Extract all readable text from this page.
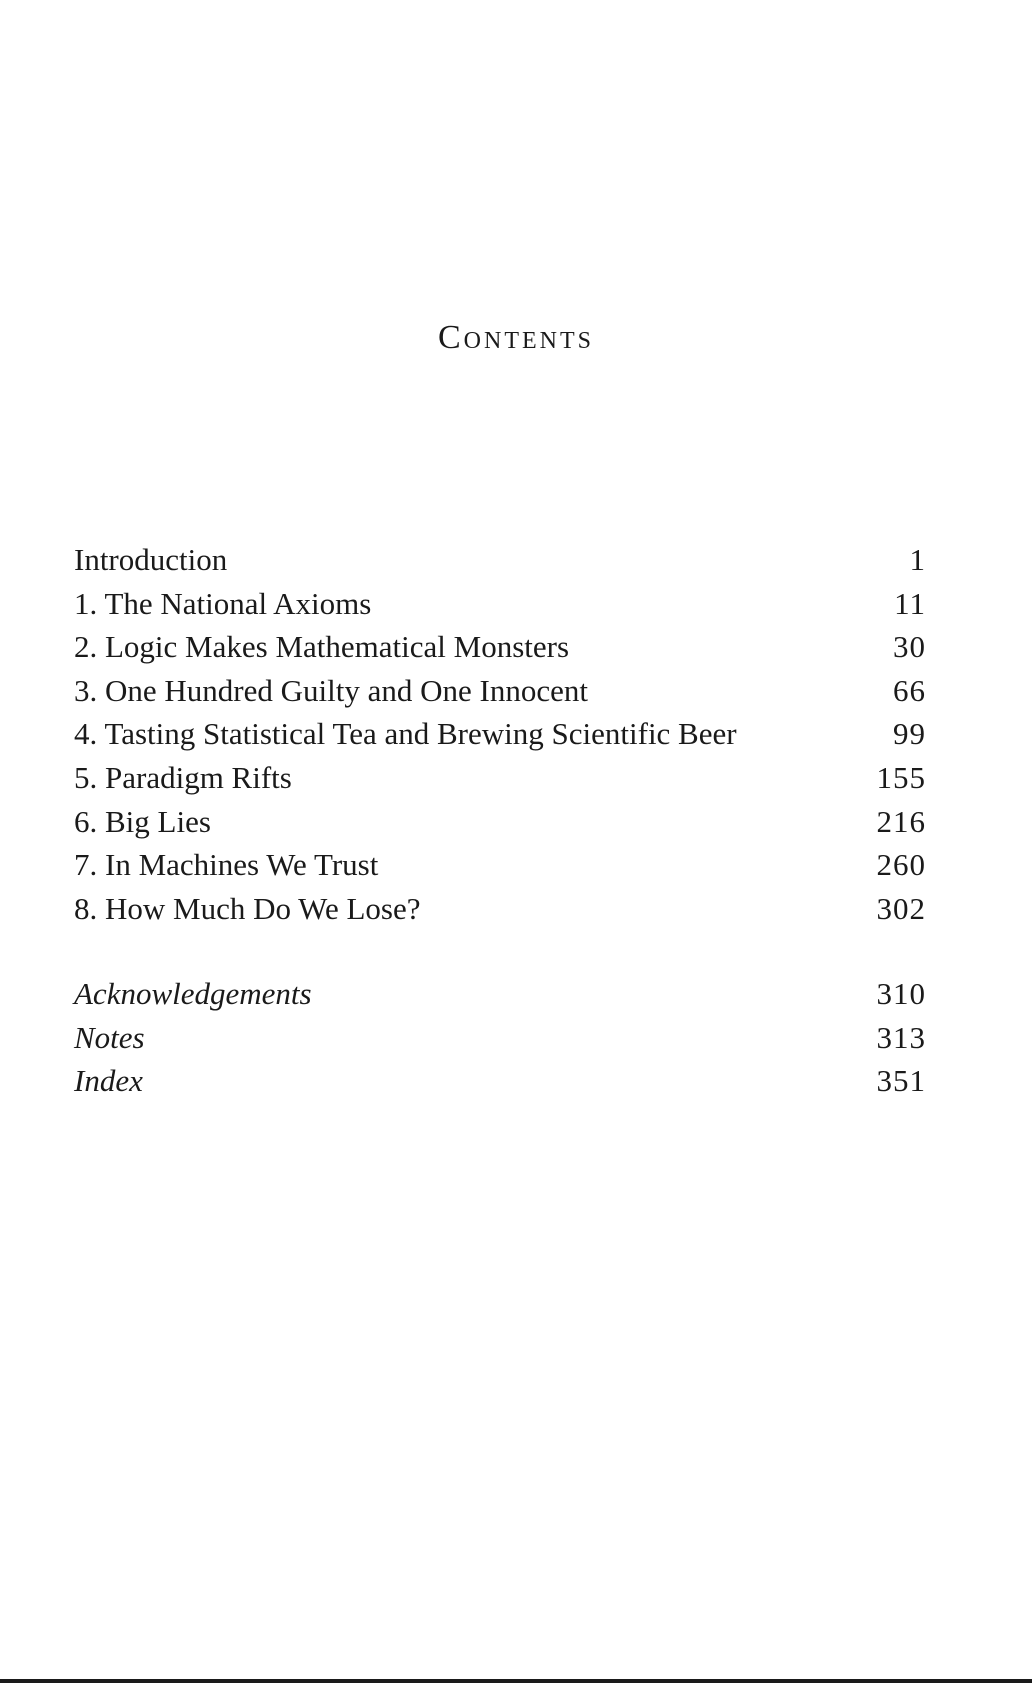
Contents
Introduction	1
1. The National Axioms	11
2. Logic Makes Mathematical Monsters	30
3. One Hundred Guilty and One Innocent	66
4. Tasting Statistical Tea and Brewing Scientific Beer	99
5. Paradigm Rifts	155
6. Big Lies	216
7. In Machines We Trust	260
8. How Much Do We Lose?	302
Acknowledgements	310
Notes	313
Index	351
